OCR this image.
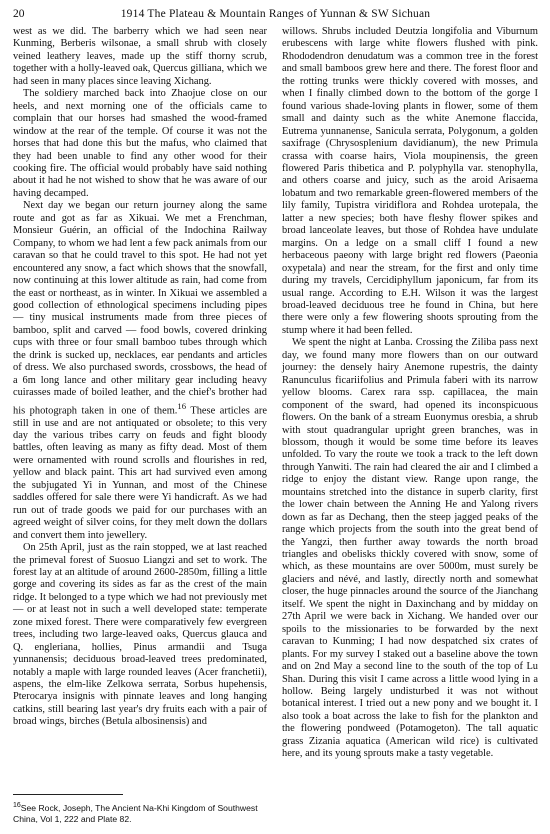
20	1914 The Plateau & Mountain Ranges of Yunnan & SW Sichuan

west as we did. The barberry which we had seen near Kunming, Berberis wilsonae, a small shrub with closely veined leathery leaves, made up the stiff thorny scrub, together with a holly-leaved oak, Quercus gilliana, which we had seen in many places since leaving Xichang.

The soldiery marched back into Zhaojue close on our heels, and next morning one of the officials came to complain that our horses had smashed the wood-framed window at the rear of the temple. Of course it was not the horses that had done this but the mafus, who claimed that they had been unable to find any other wood for their cooking fire. The official would probably have said nothing about it had he not wished to show that he was aware of our having decamped.

Next day we began our return journey along the same route and got as far as Xikuai. We met a Frenchman, Monsieur Guérin, an official of the Indochina Railway Company, to whom we had lent a few pack animals from our caravan so that he could travel to this spot. He had not yet encountered any snow, a fact which shows that the snowfall, now continuing at this lower altitude as rain, had come from the east or northeast, as in winter. In Xikuai we assembled a good collection of ethnological specimens including pipes — tiny musical instruments made from three pieces of bamboo, split and carved — food bowls, covered drinking cups with three or four small bamboo tubes through which the drink is sucked up, necklaces, ear pendants and articles of dress. We also purchased swords, crossbows, the head of a 6m long lance and other military gear including heavy cuirasses made of boiled leather, and the chief's brother had his photograph taken in one of them.$^{16}$ These articles are still in use and are not antiquated or obsolete; to this very day the various tribes carry on feuds and fight bloody battles, often leaving as many as fifty dead. Most of them were ornamented with round scrolls and flourishes in red, yellow and black paint. This art had survived even among the subjugated Yi in Yunnan, and most of the Chinese saddles offered for sale there were Yi handicraft. As we had run out of trade goods we paid for our purchases with an agreed weight of silver coins, for they melt down the dollars and convert them into jewellery.

On 25th April, just as the rain stopped, we at last reached the primeval forest of Suosuo Liangzi and set to work. The forest lay at an altitude of around 2600-2850m, filling a little gorge and covering its sides as far as the crest of the main ridge. It belonged to a type which we had not previously met — or at least not in such a well developed state: temperate zone mixed forest. There were comparatively few evergreen trees, including two large-leaved oaks, Quercus glauca and Q. engleriana, hollies, Pinus armandii and Tsuga yunnanensis; deciduous broad-leaved trees predominated, notably a maple with large rounded leaves (Acer franchetii), aspens, the elm-like Zelkowa serrata, Sorbus hupehensis, Pterocarya insignis with pinnate leaves and long hanging catkins, still bearing last year's dry fruits each with a pair of broad wings, birches (Betula albosinensis) and

willows. Shrubs included Deutzia longifolia and Viburnum erubescens with large white flowers flushed with pink. Rhododendron denudatum was a common tree in the forest and small bamboos grew here and there. The forest floor and the rotting trunks were thickly covered with mosses, and when I finally climbed down to the bottom of the gorge I found various shade-loving plants in flower, some of them small and dainty such as the white Anemone flaccida, Eutrema yunnanense, Sanicula serrata, Polygonum, a golden saxifrage (Chrysosplenium davidianum), the new Primula crassa with coarse hairs, Viola moupinensis, the green flowered Paris thibetica and P. polyphylla var. stenophylla, and others coarse and juicy, such as the aroid Arisaema lobatum and two remarkable green-flowered members of the lily family, Tupistra viridiflora and Rohdea urotepala, the latter a new species; both have fleshy flower spikes and broad lanceolate leaves, but those of Rohdea have undulate margins. On a ledge on a small cliff I found a new herbaceous paeony with large bright red flowers (Paeonia oxypetala) and near the stream, for the first and only time during my travels, Cercidiphyllum japonicum, far from its usual range. According to E.H. Wilson it was the largest broad-leaved deciduous tree he found in China, but here there were only a few flowering shoots sprouting from the stump where it had been felled.

We spent the night at Lanba. Crossing the Ziliba pass next day, we found many more flowers than on our outward journey: the densely hairy Anemone rupestris, the dainty Ranunculus ficariifolius and Primula faberi with its narrow yellow blooms. Carex rara ssp. capillacea, the main component of the sward, had opened its inconspicuous flowers. On the bank of a stream Euonymus oresbia, a shrub with stout quadrangular upright green branches, was in blossom, though it would be some time before its leaves unfolded. To vary the route we took a track to the left down through Yanwiti. The rain had cleared the air and I climbed a ridge to enjoy the distant view. Range upon range, the mountains stretched into the distance in superb clarity, first the lower chain between the Anning He and Yalong rivers down as far as Dechang, then the steep jagged peaks of the range which projects from the south into the great bend of the Yangzi, then further away towards the north broad triangles and obelisks thickly covered with snow, some of which, as these mountains are over 5000m, must surely be glaciers and névé, and lastly, directly north and somewhat closer, the huge pinnacles around the source of the Jianchang itself. We spent the night in Daxinchang and by midday on 27th April we were back in Xichang. We handed over our spoils to the missionaries to be forwarded by the next caravan to Kunming; I had now despatched six crates of plants. For my survey I staked out a baseline above the town and on 2nd May a second line to the south of the top of Lu Shan. During this visit I came across a little wood lying in a hollow. Being largely undisturbed it was not without botanical interest. I tried out a new pony and we bought it. I also took a boat across the lake to fish for the plankton and the flowering pondweed (Potamogeton). The tall aquatic grass Zizania aquatica (American wild rice) is cultivated here, and its young sprouts make a tasty vegetable.

$^{16}$See Rock, Joseph, The Ancient Na-Khi Kingdom of Southwest China, Vol 1, 222 and Plate 82.
